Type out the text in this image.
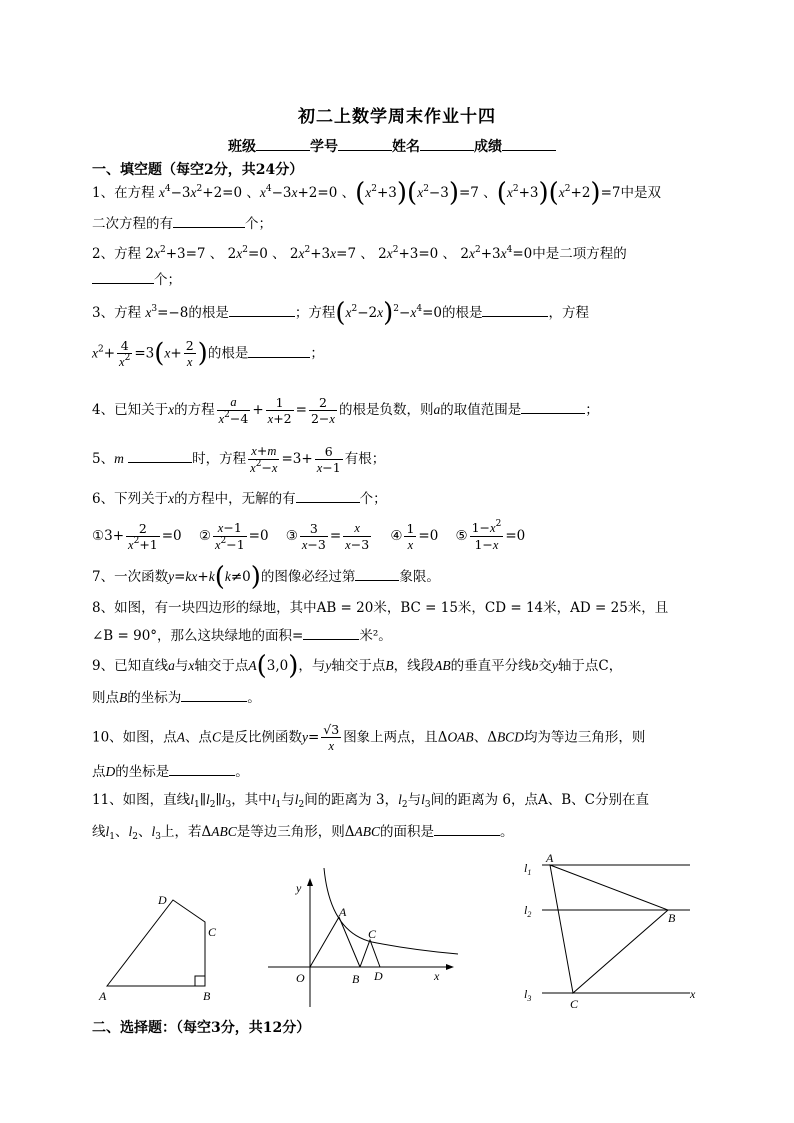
初二上数学周末作业十四
班级	学号	姓名	成绩
一、填空题（每空2分，共24分）
1、在方程 $x^4-3x^2+2=0$ 、$x^4-3x+2=0$ 、$(x^2+3)(x^2-3)=7$ 、$(x^2+3)(x^2+2)=7$中是双
二次方程的有	个；
2、方程 $2x^2+3=7$ 、 $2x^2=0$ 、 $2x^2+3x=7$ 、 $2x^2+3=0$ 、 $2x^2+3x^4=0$中是二项方程的
个；
3、方程 $x^3=-8$的根是	；方程$(x^2-2x)^2-x^4=0$的根是	，方程
$x^2+ \frac{4}{x^2} =3(x+ \frac{2}{x}$ )的根是	；
4、已知关于x的方程 $\frac{a}{x^2-4} + \frac{1}{x+2} = \frac{2}{2-x}$ 的根是负数，则a的取值范围是	；
5、m	时，方程 $\frac{x+m}{x^2-x} =3+ \frac{6}{x-1}$ 有根；
6、下列关于x的方程中，无解的有	个；
①3+ $\frac{2}{x^2+1} =0$    ② $\frac{x-1}{x^2-1} =0$    ③ $\frac{3}{x-3} = \frac{x}{x-3}$ ④ $\frac{1}{x} =0$    ⑤ $\frac{1-x^2}{1-x} =0$
7、一次函数y=kx+k(k≠0)的图像必经过第	象限。
8、如图，有一块四边形的绿地，其中AB = 20米，BC = 15米，CD = 14米，AD = 25米，且
∠B = 90°，那么这块绿地的面积=	米²。
9、已知直线a与x轴交于点A(3,0)，与y轴交于点B，线段AB的垂直平分线b交y轴于点C，
则点B的坐标为	。
10、如图，点A、点C是反比例函数$y= \frac{√3}{x}$ 图象上两点，且ΔOAB、ΔBCD均为等边三角形，则
点D的坐标是	。
11、如图，直线$l_1\parallel l_2\parallel l_3$，其中$l_1$与$l_2$间的距离为 3，$l_2$与$l_3$间的距离为 6，点A、B、C分别在直
线$l_1$、$l_2$、$l_3$上，若ΔABC是等边三角形，则ΔABC的面积是	。
A	B
C
D
y
O
A
B
C
D	x
$l_1$
$l_2$
$l_3$
A
B
C
x
二、选择题：（每空3分，共12分）
